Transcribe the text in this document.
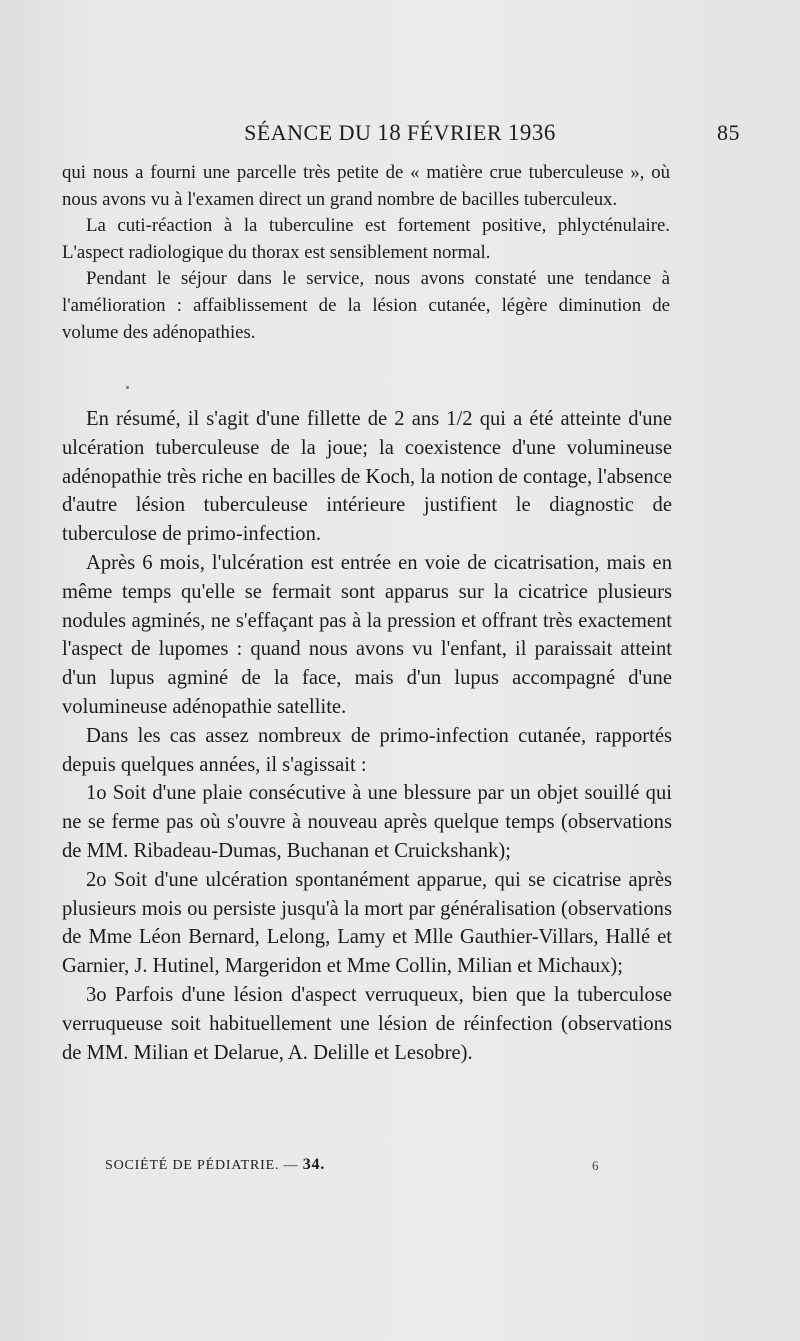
SÉANCE DU 18 FÉVRIER 1936	85

qui nous a fourni une parcelle très petite de « matière crue tuberculeuse », où nous avons vu à l'examen direct un grand nombre de bacilles tuberculeux.

La cuti-réaction à la tuberculine est fortement positive, phlycténulaire. L'aspect radiologique du thorax est sensiblement normal.

Pendant le séjour dans le service, nous avons constaté une tendance à l'amélioration : affaiblissement de la lésion cutanée, légère diminution de volume des adénopathies.

En résumé, il s'agit d'une fillette de 2 ans 1/2 qui a été atteinte d'une ulcération tuberculeuse de la joue; la coexistence d'une volumineuse adénopathie très riche en bacilles de Koch, la notion de contage, l'absence d'autre lésion tuberculeuse intérieure justifient le diagnostic de tuberculose de primo-infection.

Après 6 mois, l'ulcération est entrée en voie de cicatrisation, mais en même temps qu'elle se fermait sont apparus sur la cicatrice plusieurs nodules agminés, ne s'effaçant pas à la pression et offrant très exactement l'aspect de lupomes : quand nous avons vu l'enfant, il paraissait atteint d'un lupus agminé de la face, mais d'un lupus accompagné d'une volumineuse adénopathie satellite.

Dans les cas assez nombreux de primo-infection cutanée, rapportés depuis quelques années, il s'agissait :

1o Soit d'une plaie consécutive à une blessure par un objet souillé qui ne se ferme pas où s'ouvre à nouveau après quelque temps (observations de MM. Ribadeau-Dumas, Buchanan et Cruickshank);

2o Soit d'une ulcération spontanément apparue, qui se cicatrise après plusieurs mois ou persiste jusqu'à la mort par généralisation (observations de Mme Léon Bernard, Lelong, Lamy et Mlle Gauthier-Villars, Hallé et Garnier, J. Hutinel, Margeridon et Mme Collin, Milian et Michaux);

3o Parfois d'une lésion d'aspect verruqueux, bien que la tuberculose verruqueuse soit habituellement une lésion de réinfection (observations de MM. Milian et Delarue, A. Delille et Lesobre).

SOCIÉTÉ DE PÉDIATRIE. — 34.	6
